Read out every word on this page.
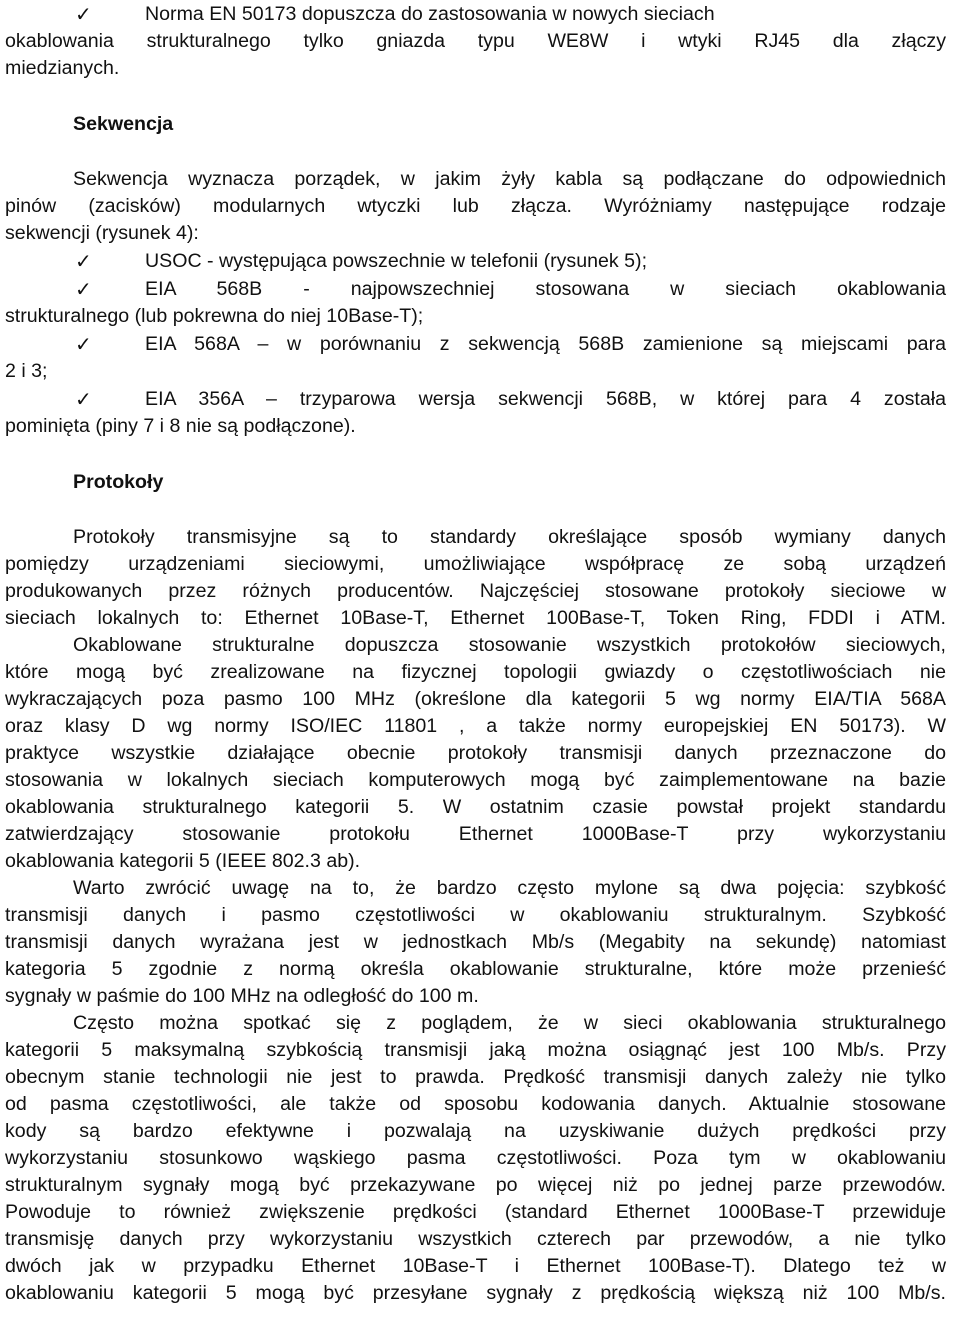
✓	Norma EN 50173 dopuszcza do zastosowania w nowych sieciach
okablowania strukturalnego tylko gniazda typu WE8W i wtyki RJ45 dla złączy
miedzianych.
Sekwencja
Sekwencja wyznacza porządek, w jakim żyły kabla są podłączane do odpowiednich
pinów (zacisków) modularnych wtyczki lub złącza. Wyróżniamy następujące rodzaje
sekwencji (rysunek 4):
✓	USOC - występująca powszechnie w telefonii (rysunek 5);
✓	EIA 568B - najpowszechniej stosowana w sieciach okablowania
strukturalnego (lub pokrewna do niej 10Base-T);
✓	EIA 568A – w porównaniu z sekwencją 568B zamienione są miejscami para
2 i 3;
✓	EIA 356A – trzyparowa wersja sekwencji 568B, w której para 4 została
pominięta (piny 7 i 8 nie są podłączone).
Protokoły
Protokoły transmisyjne są to standardy określające sposób wymiany danych
pomiędzy urządzeniami sieciowymi, umożliwiające współpracę ze sobą urządzeń
produkowanych przez różnych producentów. Najczęściej stosowane protokoły sieciowe w
sieciach lokalnych to: Ethernet 10Base-T, Ethernet 100Base-T, Token Ring, FDDI i ATM.
Okablowane strukturalne dopuszcza stosowanie wszystkich protokołów sieciowych,
które mogą być zrealizowane na fizycznej topologii gwiazdy o częstotliwościach nie
wykraczających poza pasmo 100 MHz (określone dla kategorii 5 wg normy EIA/TIA 568A
oraz klasy D wg normy ISO/IEC 11801 , a także normy europejskiej EN 50173). W
praktyce wszystkie działające obecnie protokoły transmisji danych przeznaczone do
stosowania w lokalnych sieciach komputerowych mogą być zaimplementowane na bazie
okablowania strukturalnego kategorii 5. W ostatnim czasie powstał projekt standardu
zatwierdzający stosowanie protokołu Ethernet 1000Base-T przy wykorzystaniu
okablowania kategorii 5 (IEEE 802.3 ab).
Warto zwrócić uwagę na to, że bardzo często mylone są dwa pojęcia: szybkość
transmisji danych i pasmo częstotliwości w okablowaniu strukturalnym. Szybkość
transmisji danych wyrażana jest w jednostkach Mb/s (Megabity na sekundę) natomiast
kategoria 5 zgodnie z normą określa okablowanie strukturalne, które może przenieść
sygnały w paśmie do 100 MHz na odległość do 100 m.
Często można spotkać się z poglądem, że w sieci okablowania strukturalnego
kategorii 5 maksymalną szybkością transmisji jaką można osiągnąć jest 100 Mb/s. Przy
obecnym stanie technologii nie jest to prawda. Prędkość transmisji danych zależy nie tylko
od pasma częstotliwości, ale także od sposobu kodowania danych. Aktualnie stosowane
kody są bardzo efektywne i pozwalają na uzyskiwanie dużych prędkości przy
wykorzystaniu stosunkowo wąskiego pasma częstotliwości. Poza tym w okablowaniu
strukturalnym sygnały mogą być przekazywane po więcej niż po jednej parze przewodów.
Powoduje to również zwiększenie prędkości (standard Ethernet 1000Base-T przewiduje
transmisję danych przy wykorzystaniu wszystkich czterech par przewodów, a nie tylko
dwóch jak w przypadku Ethernet 10Base-T i Ethernet 100Base-T). Dlatego też w
okablowaniu kategorii 5 mogą być przesyłane sygnały z prędkością większą niż 100 Mb/s.
